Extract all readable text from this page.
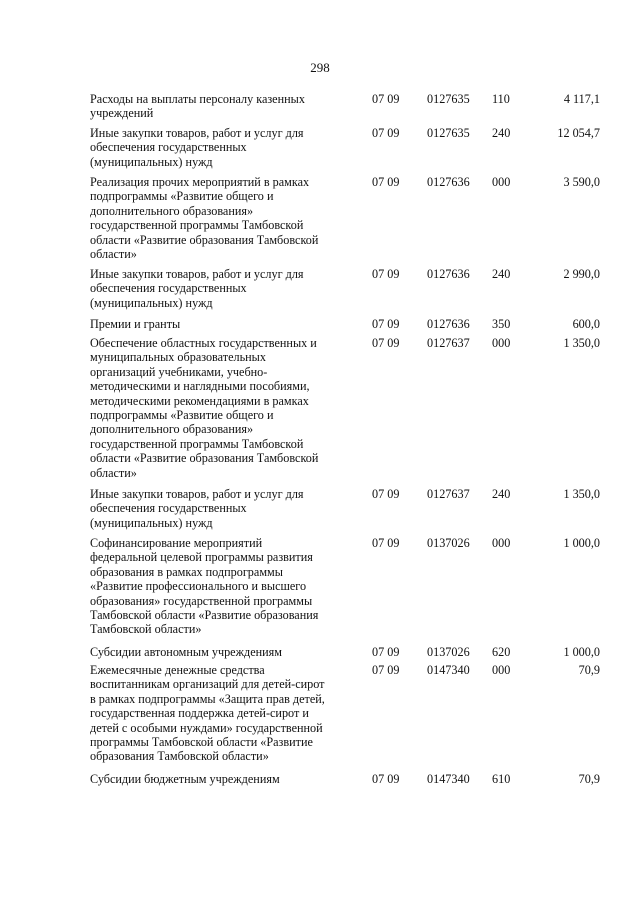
298
Расходы на выплаты персоналу казенных
учреждений
07 09	0127635	110	4 117,1
Иные закупки товаров, работ и услуг для
обеспечения государственных
(муниципальных) нужд
07 09	0127635	240	12 054,7
Реализация прочих мероприятий в рамках
подпрограммы «Развитие общего и
дополнительного образования»
государственной программы Тамбовской
области «Развитие образования Тамбовской
области»
07 09	0127636	000	3 590,0
Иные закупки товаров, работ и услуг для
обеспечения государственных
(муниципальных) нужд
07 09	0127636	240	2 990,0
Премии и гранты	07 09	0127636	350	600,0
Обеспечение областных государственных и
муниципальных образовательных
организаций учебниками, учебно-
методическими и наглядными пособиями,
методическими рекомендациями в рамках
подпрограммы «Развитие общего и
дополнительного образования»
государственной программы Тамбовской
области «Развитие образования Тамбовской
области»
07 09	0127637	000	1 350,0
Иные закупки товаров, работ и услуг для
обеспечения государственных
(муниципальных) нужд
07 09	0127637	240	1 350,0
Софинансирование мероприятий
федеральной целевой программы развития
образования в рамках подпрограммы
«Развитие профессионального и высшего
образования» государственной программы
Тамбовской области «Развитие образования
Тамбовской области»
07 09	0137026	000	1 000,0
Субсидии автономным учреждениям	07 09	0137026	620	1 000,0
Ежемесячные денежные средства
воспитанникам организаций для детей-сирот
в рамках подпрограммы «Защита прав детей,
государственная поддержка детей-сирот и
детей с особыми нуждами» государственной
программы Тамбовской области «Развитие
образования Тамбовской области»
07 09	0147340	000	70,9
Субсидии бюджетным учреждениям	07 09	0147340	610	70,9
